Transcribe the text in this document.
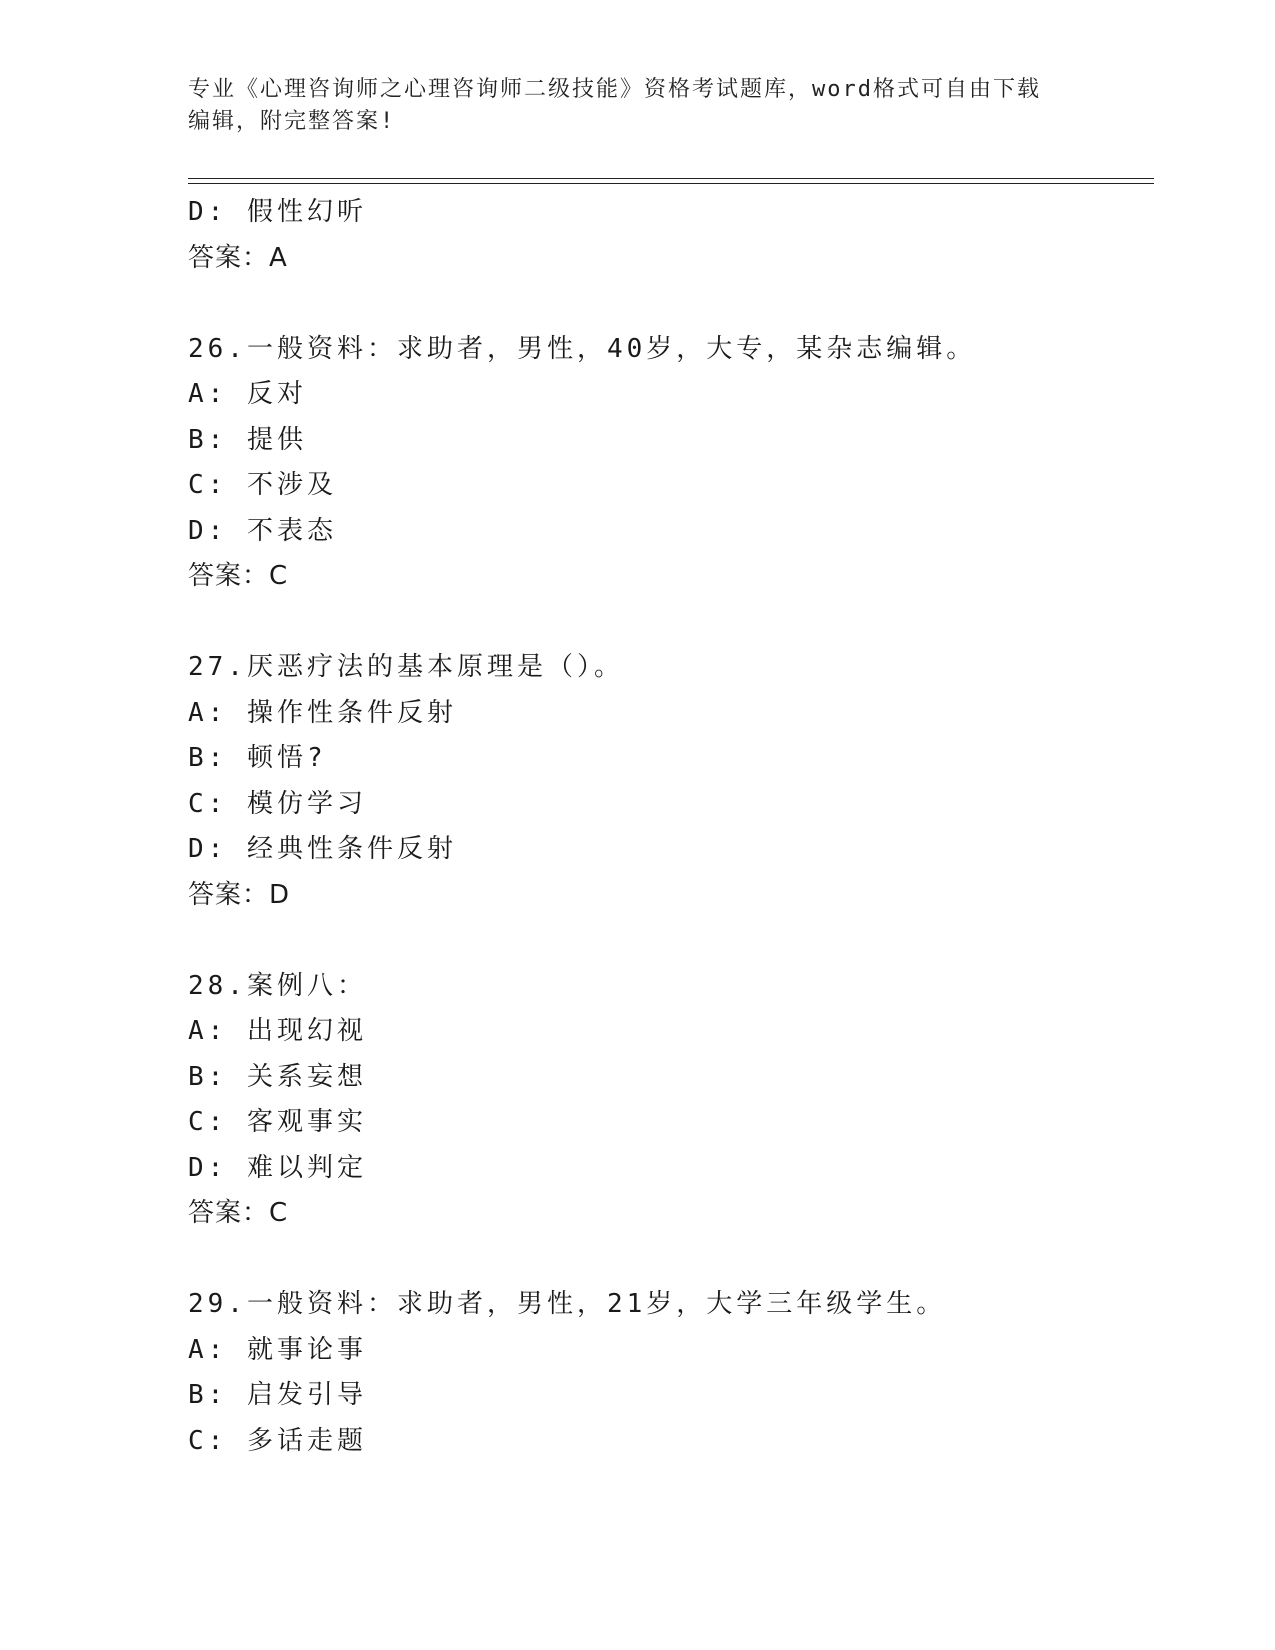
专业《心理咨询师之心理咨询师二级技能》资格考试题库，word格式可自由下载
编辑，附完整答案!
D: 假性幻听
答案：A
26.一般资料：求助者，男性，40岁，大专，某杂志编辑。
A: 反对
B: 提供
C: 不涉及
D: 不表态
答案：C
27.厌恶疗法的基本原理是（）。
A: 操作性条件反射
B: 顿悟?
C: 模仿学习
D: 经典性条件反射
答案：D
28.案例八：
A: 出现幻视
B: 关系妄想
C: 客观事实
D: 难以判定
答案：C
29.一般资料：求助者，男性，21岁，大学三年级学生。
A: 就事论事
B: 启发引导
C: 多话走题
